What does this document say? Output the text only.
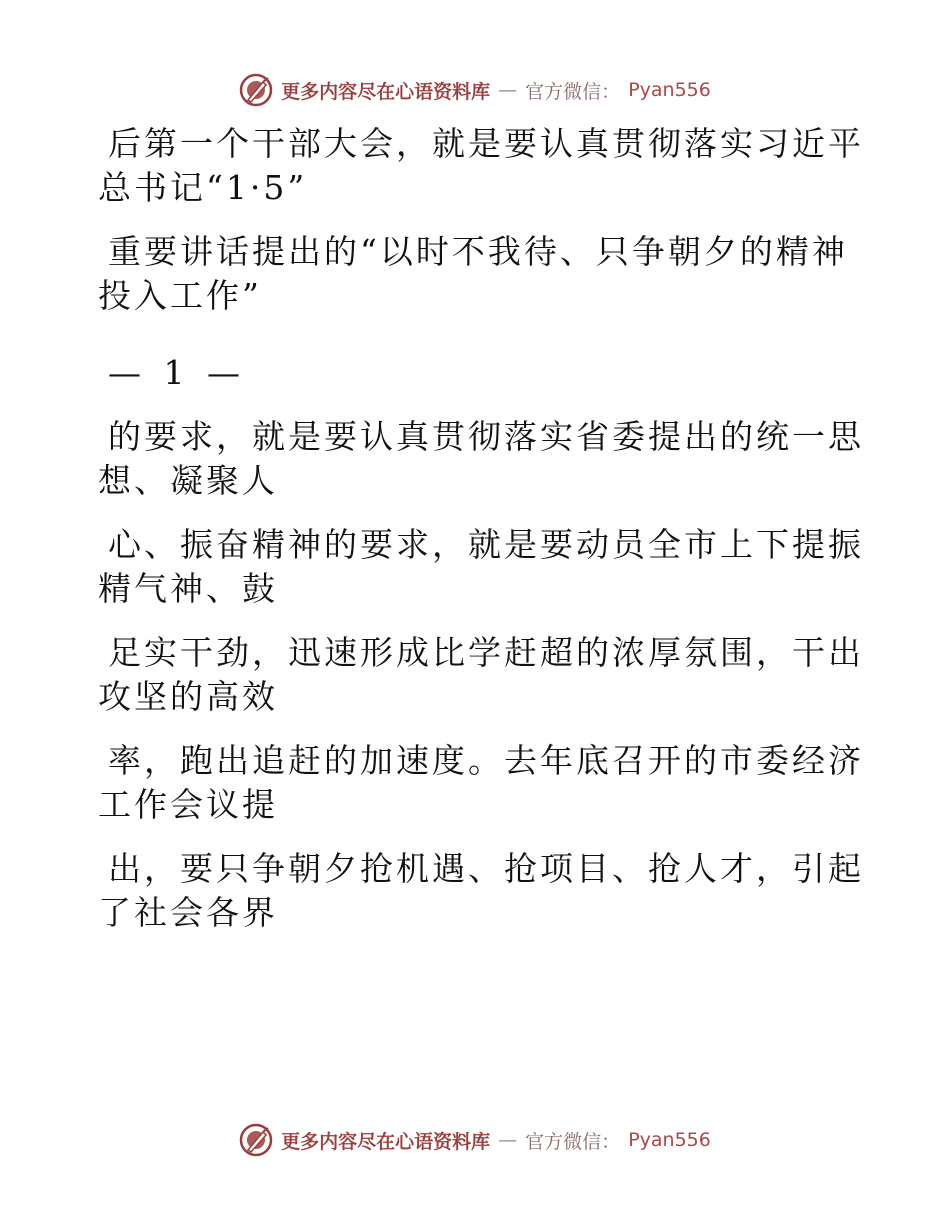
更多内容尽在心语资料库 — 官方微信： Pyan556

后第一个干部大会，就是要认真贯彻落实习近平

总书记“1·5”

重要讲话提出的“以时不我待、只争朝夕的精神

投入工作”

— 1 —

的要求，就是要认真贯彻落实省委提出的统一思

想、凝聚人

心、振奋精神的要求，就是要动员全市上下提振

精气神、鼓

足实干劲，迅速形成比学赶超的浓厚氛围，干出

攻坚的高效

率，跑出追赶的加速度。去年底召开的市委经济

工作会议提

出，要只争朝夕抢机遇、抢项目、抢人才，引起

了社会各界

更多内容尽在心语资料库 — 官方微信： Pyan556
